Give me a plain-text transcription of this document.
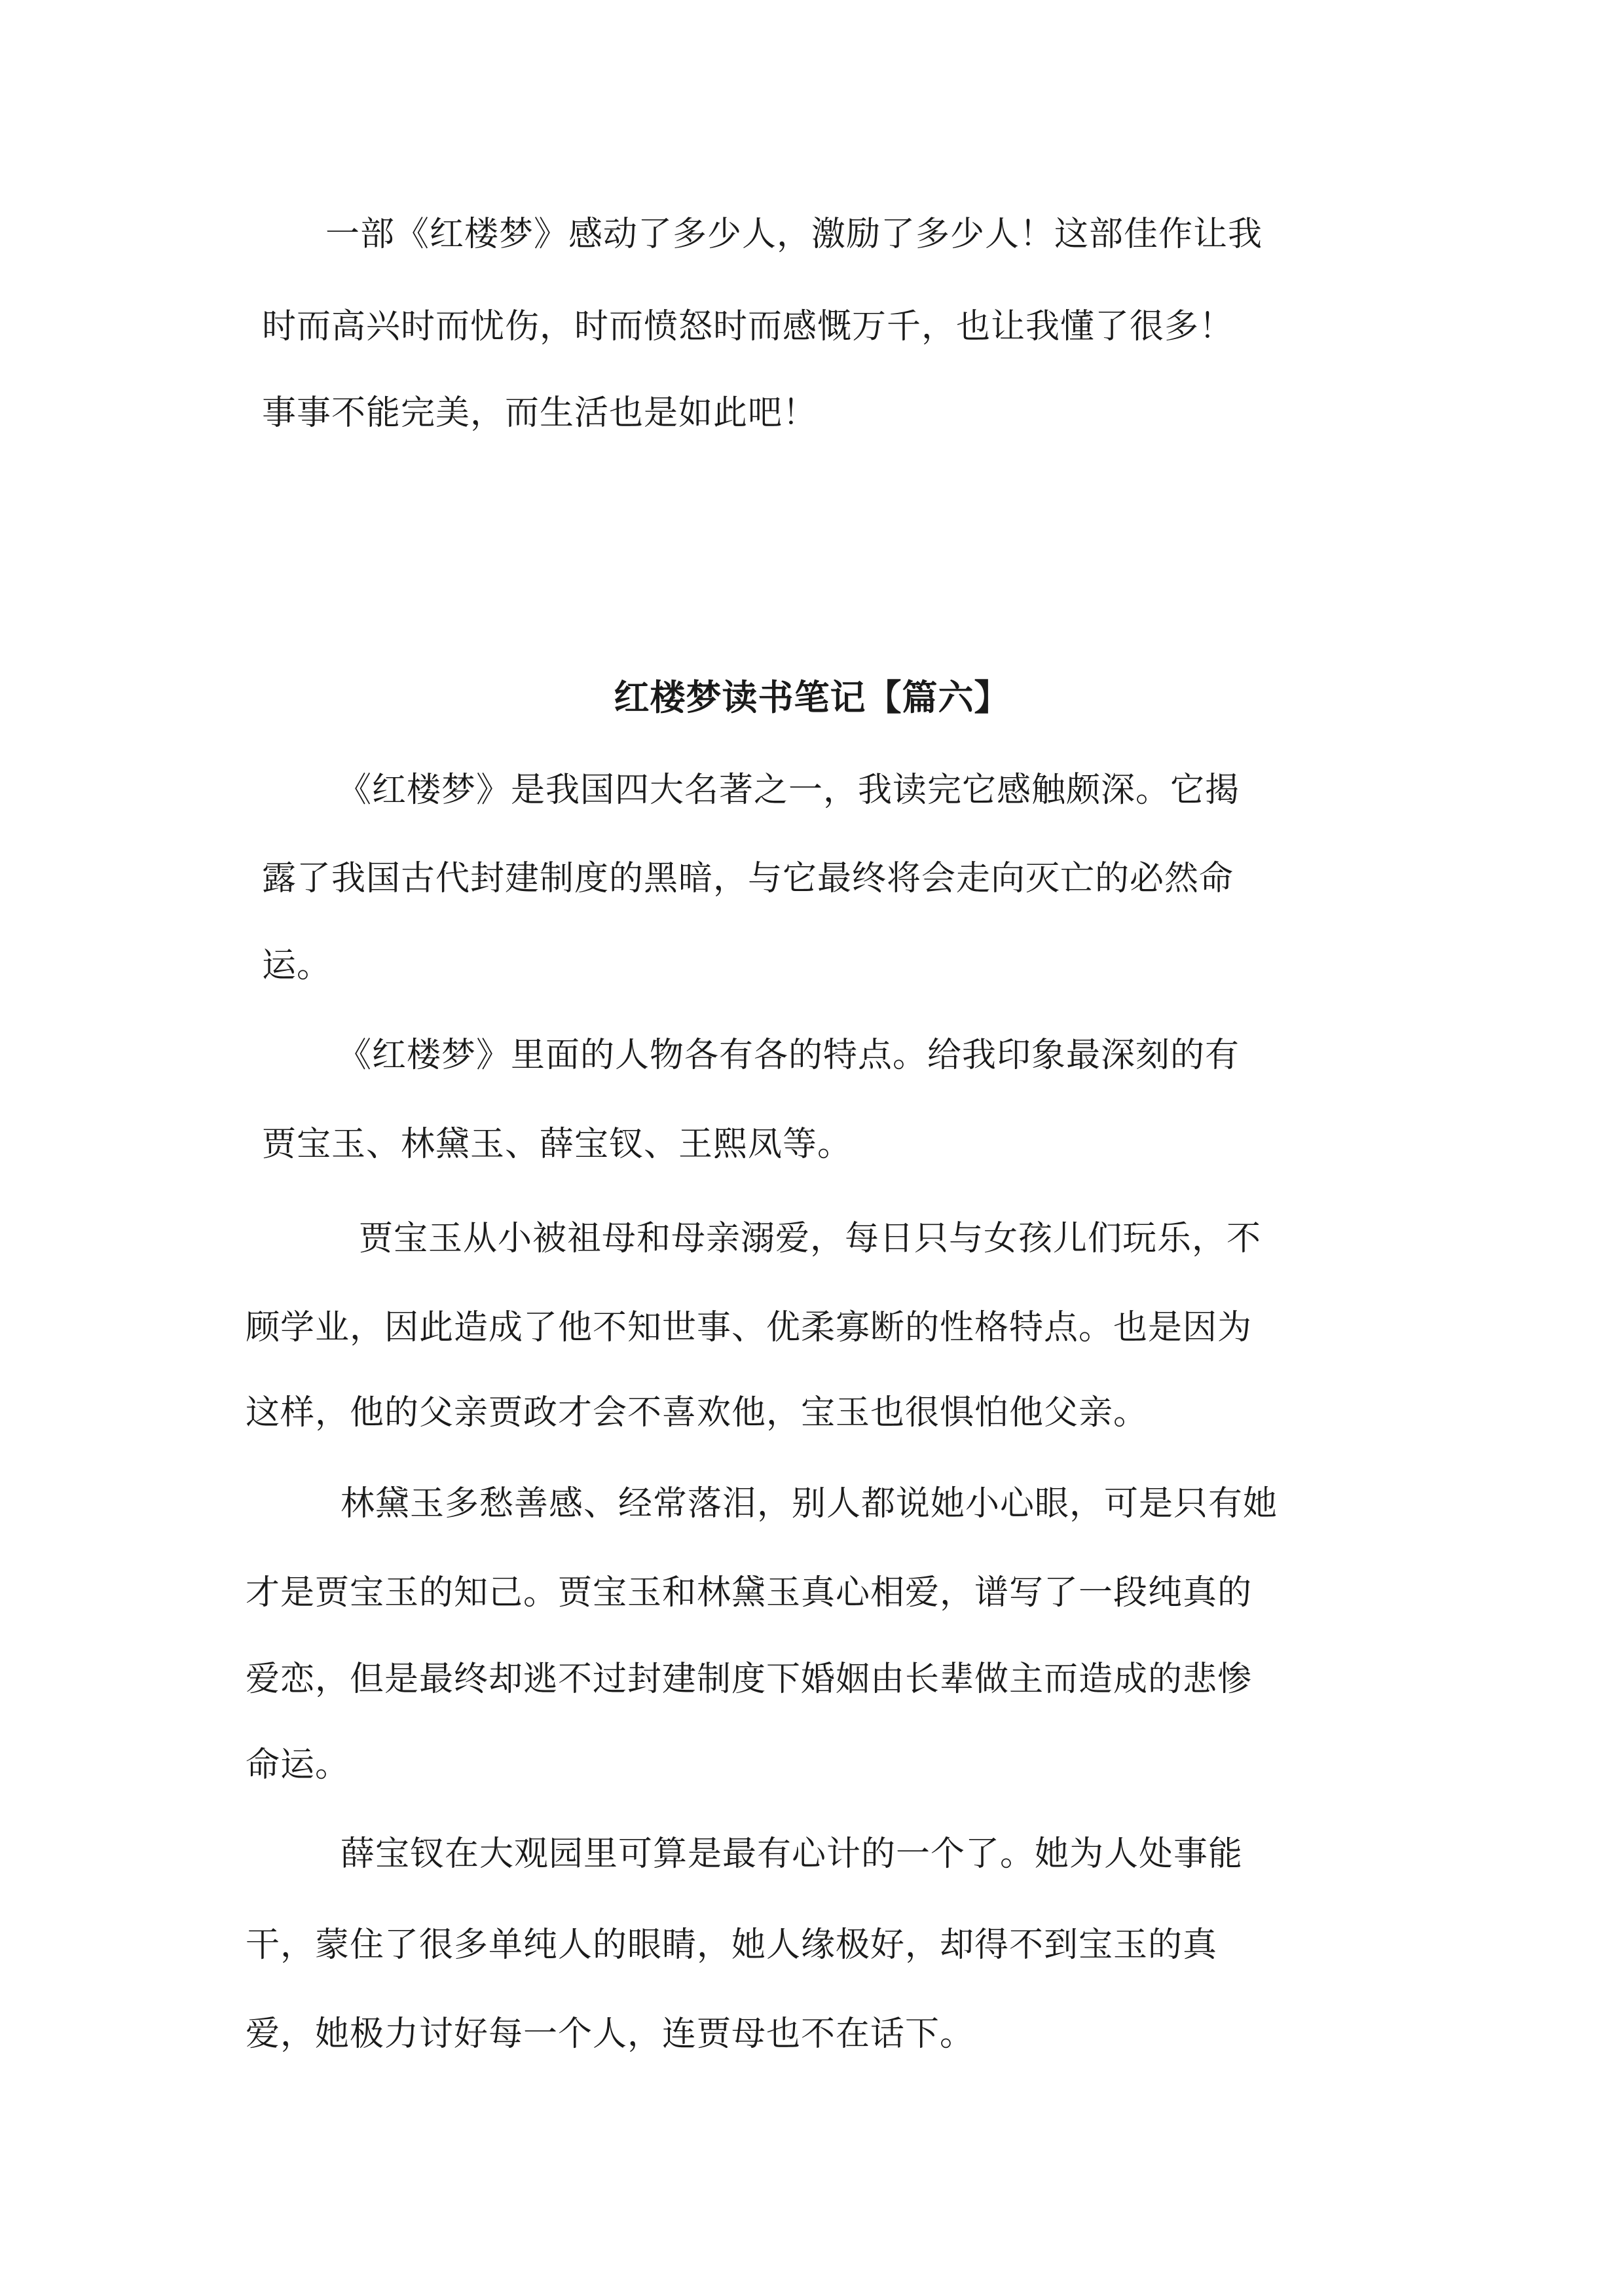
一部《红楼梦》感动了多少人，激励了多少人！这部佳作让我
时而高兴时而忧伤，时而愤怒时而感慨万千，也让我懂了很多！
事事不能完美，而生活也是如此吧！
红楼梦读书笔记【篇六】
《红楼梦》是我国四大名著之一，我读完它感触颇深。它揭
露了我国古代封建制度的黑暗，与它最终将会走向灭亡的必然命
运。
《红楼梦》里面的人物各有各的特点。给我印象最深刻的有
贾宝玉、林黛玉、薛宝钗、王熙凤等。
贾宝玉从小被祖母和母亲溺爱，每日只与女孩儿们玩乐，不
顾学业，因此造成了他不知世事、优柔寡断的性格特点。也是因为
这样，他的父亲贾政才会不喜欢他，宝玉也很惧怕他父亲。
林黛玉多愁善感、经常落泪，别人都说她小心眼，可是只有她
才是贾宝玉的知己。贾宝玉和林黛玉真心相爱，谱写了一段纯真的
爱恋，但是最终却逃不过封建制度下婚姻由长辈做主而造成的悲惨
命运。
薛宝钗在大观园里可算是最有心计的一个了。她为人处事能
干，蒙住了很多单纯人的眼睛，她人缘极好，却得不到宝玉的真
爱，她极力讨好每一个人，连贾母也不在话下。
